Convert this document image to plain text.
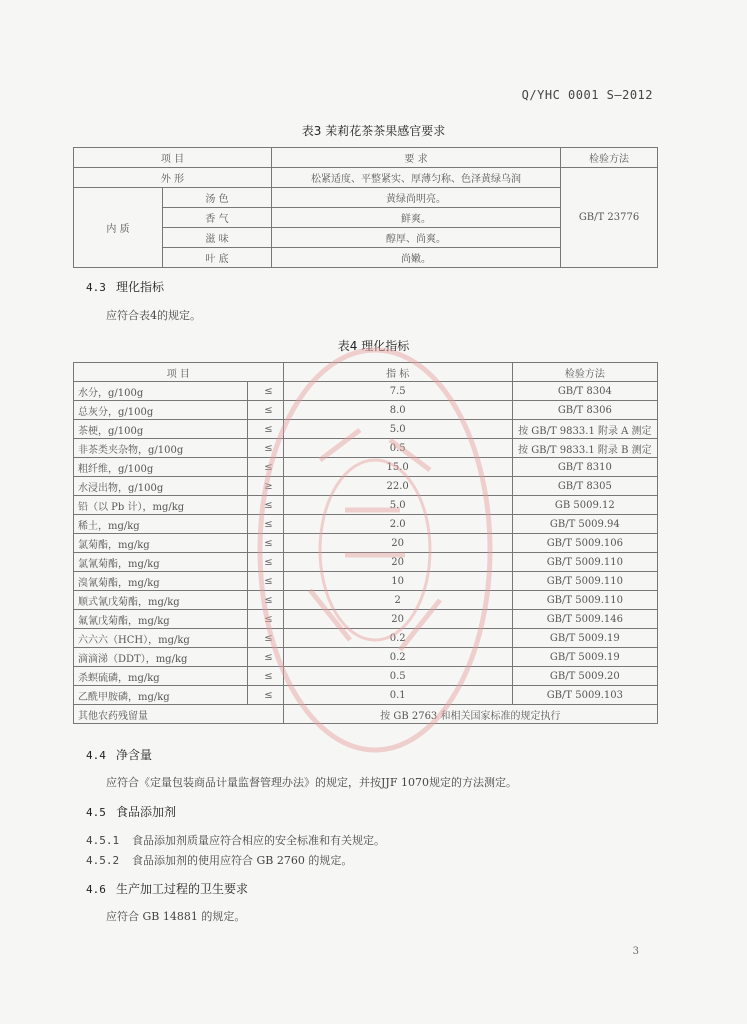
Q/YHC 0001 S—2012
表3 茉莉花茶茶果感官要求
项 目		要 求	检验方法
外 形		松紧适度、平整紧实、厚薄匀称、色泽黄绿乌润	GB/T 23776
内 质	汤 色	黄绿尚明亮。	
	香 气	鲜爽。	
	滋 味	醇厚、尚爽。	
	叶 底	尚嫩。	
4.3 理化指标
应符合表4的规定。
表4 理化指标
项 目		指 标	检验方法
水分，g/100g	≤	7.5	GB/T 8304
总灰分，g/100g	≤	8.0	GB/T 8306
茶梗，g/100g	≤	5.0	按 GB/T 9833.1 附录 A 测定
非茶类夹杂物，g/100g	≤	0.5	按 GB/T 9833.1 附录 B 测定
粗纤维，g/100g	≤	15.0	GB/T 8310
水浸出物，g/100g	≥	22.0	GB/T 8305
铅（以 Pb 计），mg/kg	≤	5.0	GB 5009.12
稀土，mg/kg	≤	2.0	GB/T 5009.94
氯菊酯，mg/kg	≤	20	GB/T 5009.106
氯氰菊酯，mg/kg	≤	20	GB/T 5009.110
溴氰菊酯，mg/kg	≤	10	GB/T 5009.110
顺式氰戊菊酯，mg/kg	≤	2	GB/T 5009.110
氟氰戊菊酯，mg/kg	≤	20	GB/T 5009.146
六六六（HCH），mg/kg	≤	0.2	GB/T 5009.19
滴滴涕（DDT），mg/kg	≤	0.2	GB/T 5009.19
杀螟硫磷，mg/kg	≤	0.5	GB/T 5009.20
乙酰甲胺磷，mg/kg	≤	0.1	GB/T 5009.103
其他农药残留量		按 GB 2763 和相关国家标准的规定执行	
4.4 净含量
应符合《定量包装商品计量监督管理办法》的规定，并按JJF 1070规定的方法测定。
4.5 食品添加剂
4.5.1 食品添加剂质量应符合相应的安全标准和有关规定。
4.5.2 食品添加剂的使用应符合 GB 2760 的规定。
4.6 生产加工过程的卫生要求
应符合 GB 14881 的规定。
3
